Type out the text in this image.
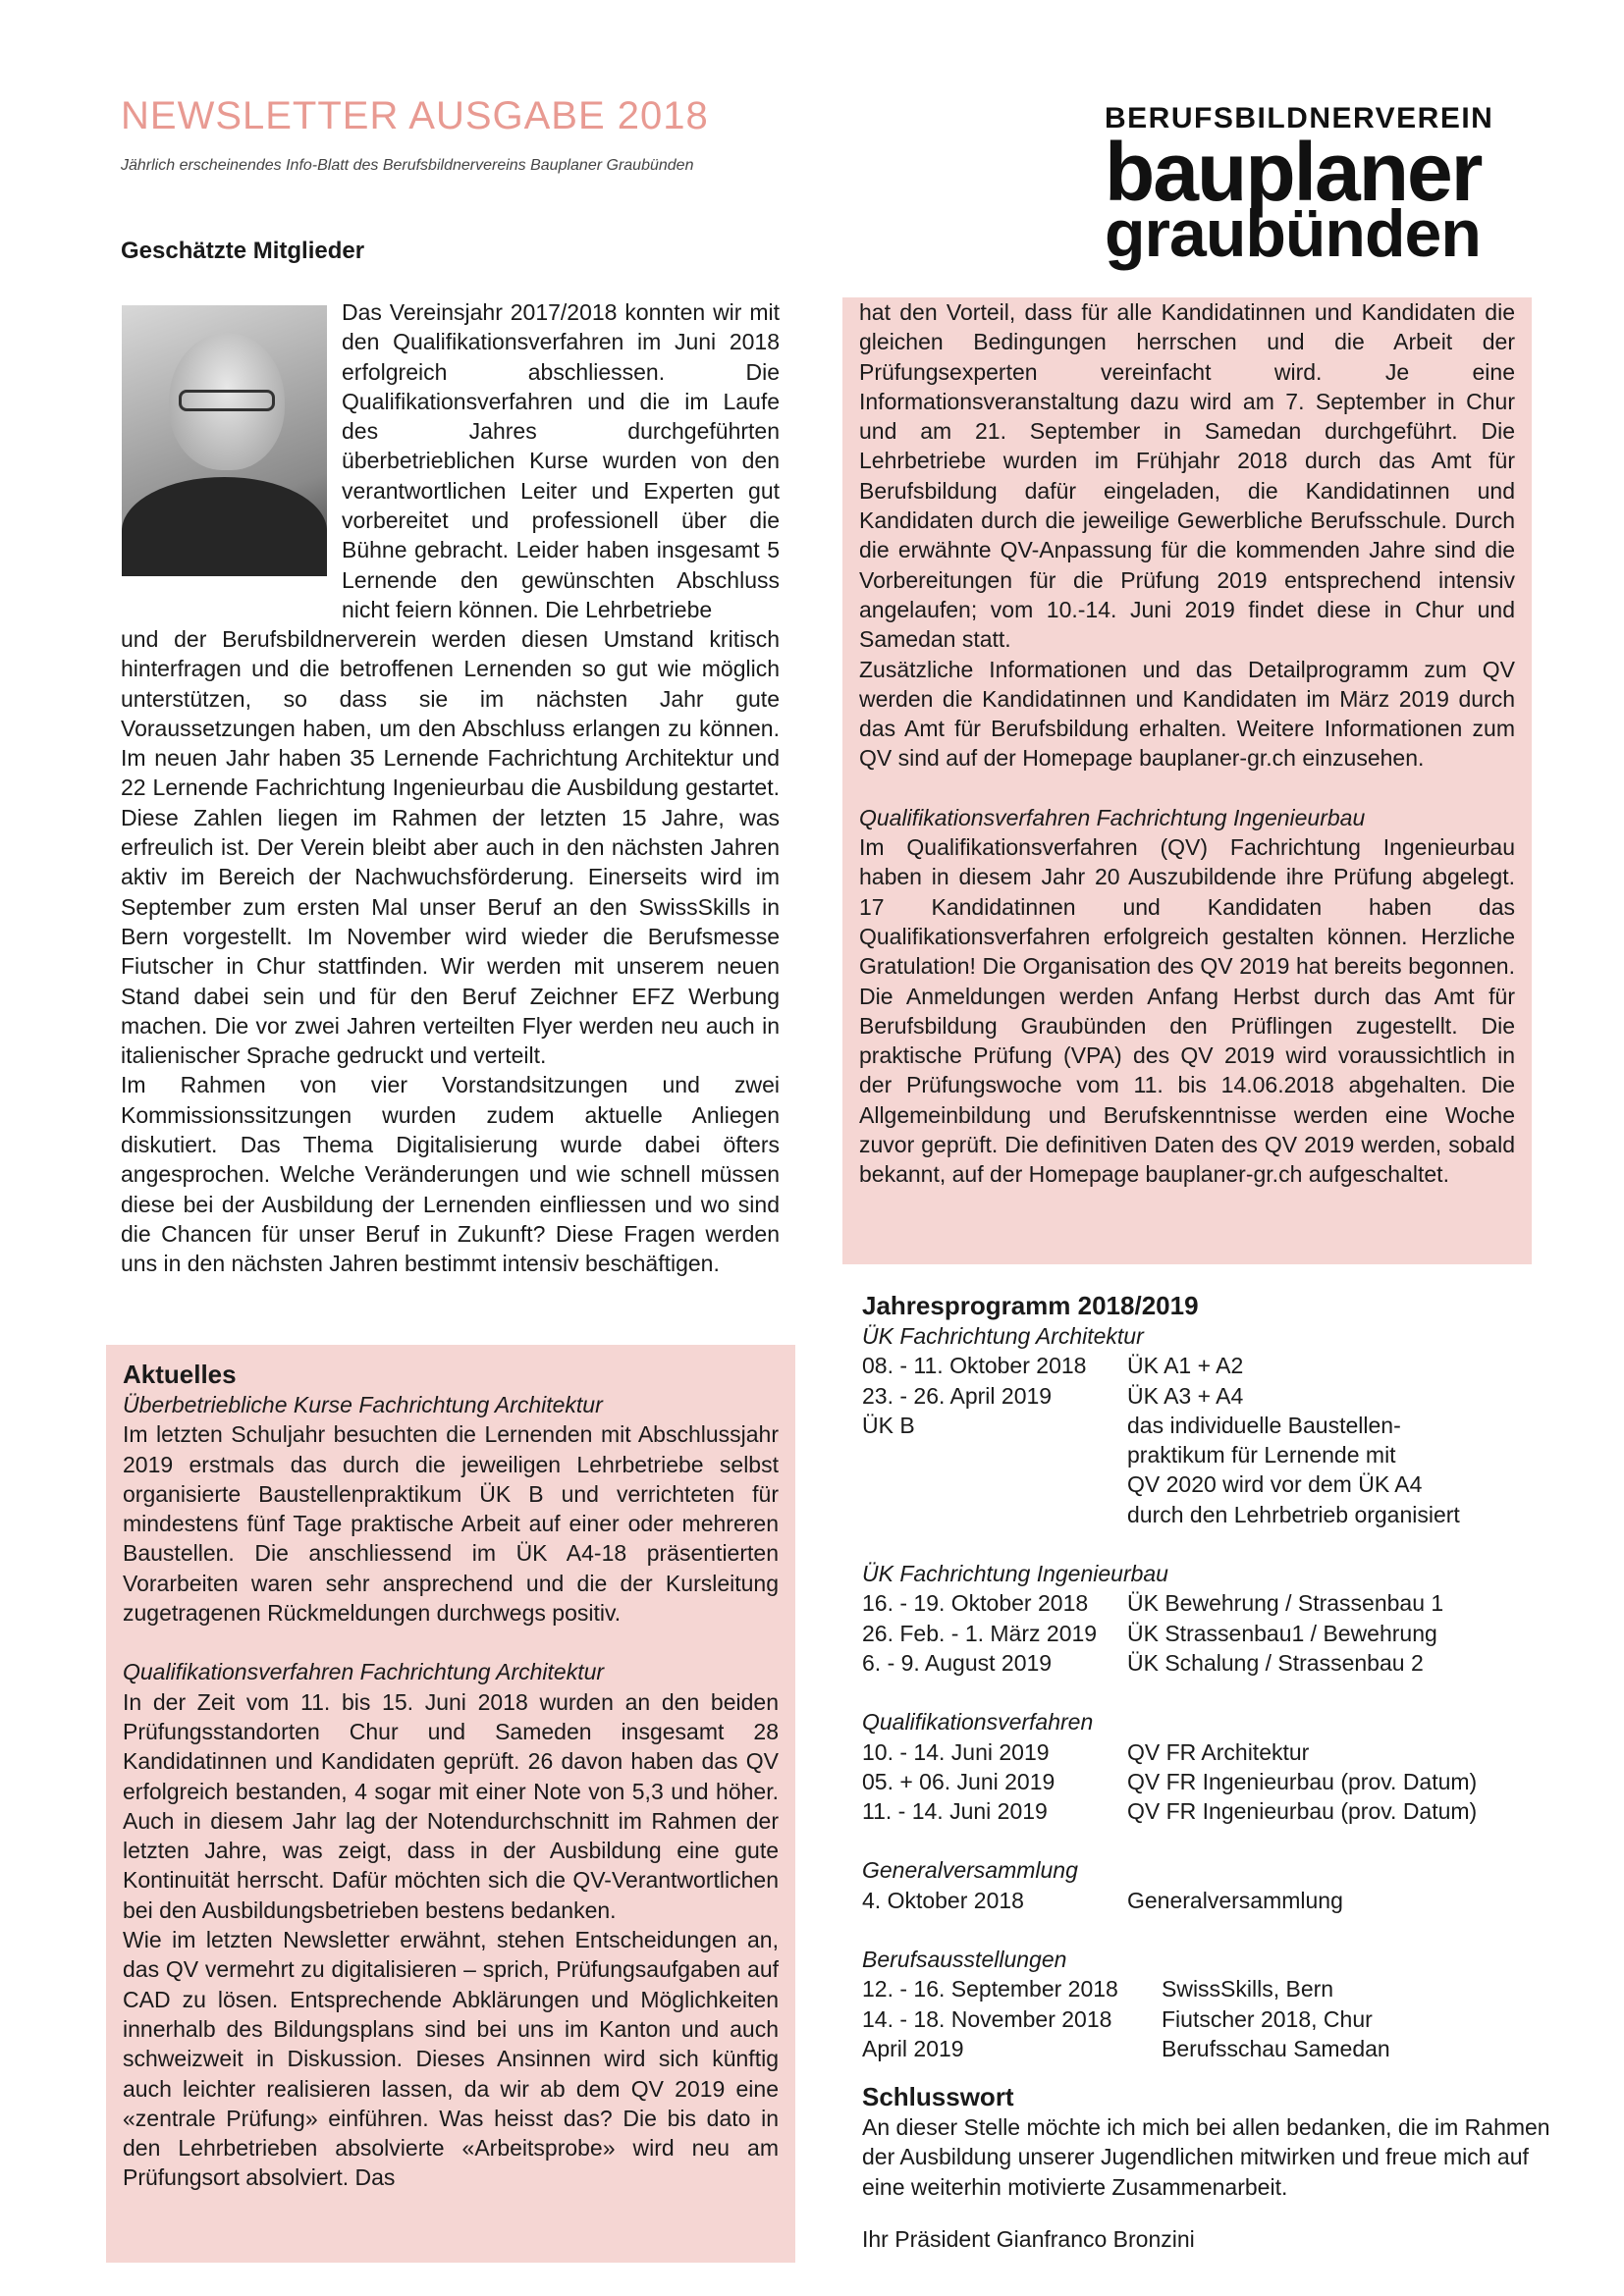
NEWSLETTER AUSGABE 2018
Jährlich erscheinendes Info-Blatt des Berufsbildnervereins Bauplaner Graubünden
BERUFSBILDNERVEREIN
bauplaner
graubünden
Geschätzte Mitglieder
Das Vereinsjahr 2017/2018 konnten wir mit den Qualifikationsverfahren im Juni 2018 erfolgreich abschliessen. Die Qualifikationsverfahren und die im Laufe des Jahres durchgeführten überbetrieblichen Kurse wurden von den verantwortlichen Leiter und Experten gut vorbereitet und professionell über die Bühne gebracht. Leider haben insgesamt 5 Lernende den gewünschten Abschluss nicht feiern können. Die Lehrbetriebe
und der Berufsbildnerverein werden diesen Umstand kritisch hinterfragen und die betroffenen Lernenden so gut wie möglich unterstützen, so dass sie im nächsten Jahr gute Voraussetzungen haben, um den Abschluss erlangen zu können. Im neuen Jahr haben 35 Lernende Fachrichtung Architektur und 22 Lernende Fachrichtung Ingenieurbau die Ausbildung gestartet. Diese Zahlen liegen im Rahmen der letzten 15 Jahre, was erfreulich ist. Der Verein bleibt aber auch in den nächsten Jahren aktiv im Bereich der Nachwuchsförderung. Einerseits wird im September zum ersten Mal unser Beruf an den SwissSkills in Bern vorgestellt. Im November wird wieder die Berufsmesse Fiutscher in Chur stattfinden. Wir werden mit unserem neuen Stand dabei sein und für den Beruf Zeichner EFZ Werbung machen. Die vor zwei Jahren verteilten Flyer werden neu auch in italienischer Sprache gedruckt und verteilt.
Im Rahmen von vier Vorstandsitzungen und zwei Kommissionssitzungen wurden zudem aktuelle Anliegen diskutiert. Das Thema Digitalisierung wurde dabei öfters angesprochen. Welche Veränderungen und wie schnell müssen diese bei der Ausbildung der Lernenden einfliessen und wo sind die Chancen für unser Beruf in Zukunft? Diese Fragen werden uns in den nächsten Jahren bestimmt intensiv beschäftigen.
Aktuelles
Überbetriebliche Kurse Fachrichtung Architektur
Im letzten Schuljahr besuchten die Lernenden mit Abschlussjahr 2019 erstmals das durch die jeweiligen Lehrbetriebe selbst organisierte Baustellenpraktikum ÜK B und verrichteten für mindestens fünf Tage praktische Arbeit auf einer oder mehreren Baustellen. Die anschliessend im ÜK A4-18 präsentierten Vorarbeiten waren sehr ansprechend und die der Kursleitung zugetragenen Rückmeldungen durchwegs positiv.
Qualifikationsverfahren Fachrichtung Architektur
In der Zeit vom 11. bis 15. Juni 2018 wurden an den beiden Prüfungsstandorten Chur und Sameden insgesamt 28 Kandidatinnen und Kandidaten geprüft. 26 davon haben das QV erfolgreich bestanden, 4 sogar mit einer Note von 5,3 und höher. Auch in diesem Jahr lag der Notendurchschnitt im Rahmen der letzten Jahre, was zeigt, dass in der Ausbildung eine gute Kontinuität herrscht. Dafür möchten sich die QV-Verantwortlichen bei den Ausbildungsbetrieben bestens bedanken.
Wie im letzten Newsletter erwähnt, stehen Entscheidungen an, das QV vermehrt zu digitalisieren – sprich, Prüfungsaufgaben auf CAD zu lösen. Entsprechende Abklärungen und Möglichkeiten innerhalb des Bildungsplans sind bei uns im Kanton und auch schweizweit in Diskussion. Dieses Ansinnen wird sich künftig auch leichter realisieren lassen, da wir ab dem QV 2019 eine «zentrale Prüfung» einführen. Was heisst das? Die bis dato in den Lehrbetrieben absolvierte «Arbeitsprobe» wird neu am Prüfungsort absolviert. Das
hat den Vorteil, dass für alle Kandidatinnen und Kandidaten die gleichen Bedingungen herrschen und die Arbeit der Prüfungsexperten vereinfacht wird. Je eine Informationsveranstaltung dazu wird am 7. September in Chur und am 21. September in Samedan durchgeführt. Die Lehrbetriebe wurden im Frühjahr 2018 durch das Amt für Berufsbildung dafür eingeladen, die Kandidatinnen und Kandidaten durch die jeweilige Gewerbliche Berufsschule. Durch die erwähnte QV-Anpassung für die kommenden Jahre sind die Vorbereitungen für die Prüfung 2019 entsprechend intensiv angelaufen; vom 10.-14. Juni 2019 findet diese in Chur und Samedan statt.
Zusätzliche Informationen und das Detailprogramm zum QV werden die Kandidatinnen und Kandidaten im März 2019 durch das Amt für Berufsbildung erhalten. Weitere Informationen zum QV sind auf der Homepage bauplaner-gr.ch einzusehen.
Qualifikationsverfahren Fachrichtung Ingenieurbau
Im Qualifikationsverfahren (QV) Fachrichtung Ingenieurbau haben in diesem Jahr 20 Auszubildende ihre Prüfung abgelegt. 17 Kandidatinnen und Kandidaten haben das Qualifikationsverfahren erfolgreich gestalten können. Herzliche Gratulation! Die Organisation des QV 2019 hat bereits begonnen. Die Anmeldungen werden Anfang Herbst durch das Amt für Berufsbildung Graubünden den Prüflingen zugestellt. Die praktische Prüfung (VPA) des QV 2019 wird voraussichtlich in der Prüfungswoche vom 11. bis 14.06.2018 abgehalten. Die Allgemeinbildung und Berufskenntnisse werden eine Woche zuvor geprüft. Die definitiven Daten des QV 2019 werden, sobald bekannt, auf der Homepage bauplaner-gr.ch aufgeschaltet.
Jahresprogramm 2018/2019
ÜK Fachrichtung Architektur
08. - 11. Oktober 2018	ÜK A1 + A2
23. - 26. April 2019	ÜK A3 + A4
ÜK B	das individuelle Baustellen-
praktikum für Lernende mit
QV 2020 wird vor dem ÜK A4
durch den Lehrbetrieb organisiert
ÜK Fachrichtung Ingenieurbau
16. - 19. Oktober 2018	ÜK Bewehrung / Strassenbau 1
26. Feb. - 1. März 2019	ÜK Strassenbau1 / Bewehrung
6. - 9. August 2019	ÜK Schalung / Strassenbau 2
Qualifikationsverfahren
10. - 14. Juni 2019	QV FR Architektur
05. + 06. Juni 2019	QV FR Ingenieurbau (prov. Datum)
11. - 14. Juni 2019	QV FR Ingenieurbau (prov. Datum)
Generalversammlung
4. Oktober 2018	Generalversammlung
Berufsausstellungen
12. - 16. September 2018	SwissSkills, Bern
14. - 18. November 2018	Fiutscher 2018, Chur
April 2019	Berufsschau Samedan
Schlusswort
An dieser Stelle möchte ich mich bei allen bedanken, die im Rahmen der Ausbildung unserer Jugendlichen mitwirken und freue mich auf eine weiterhin motivierte Zusammenarbeit.
Ihr Präsident Gianfranco Bronzini
